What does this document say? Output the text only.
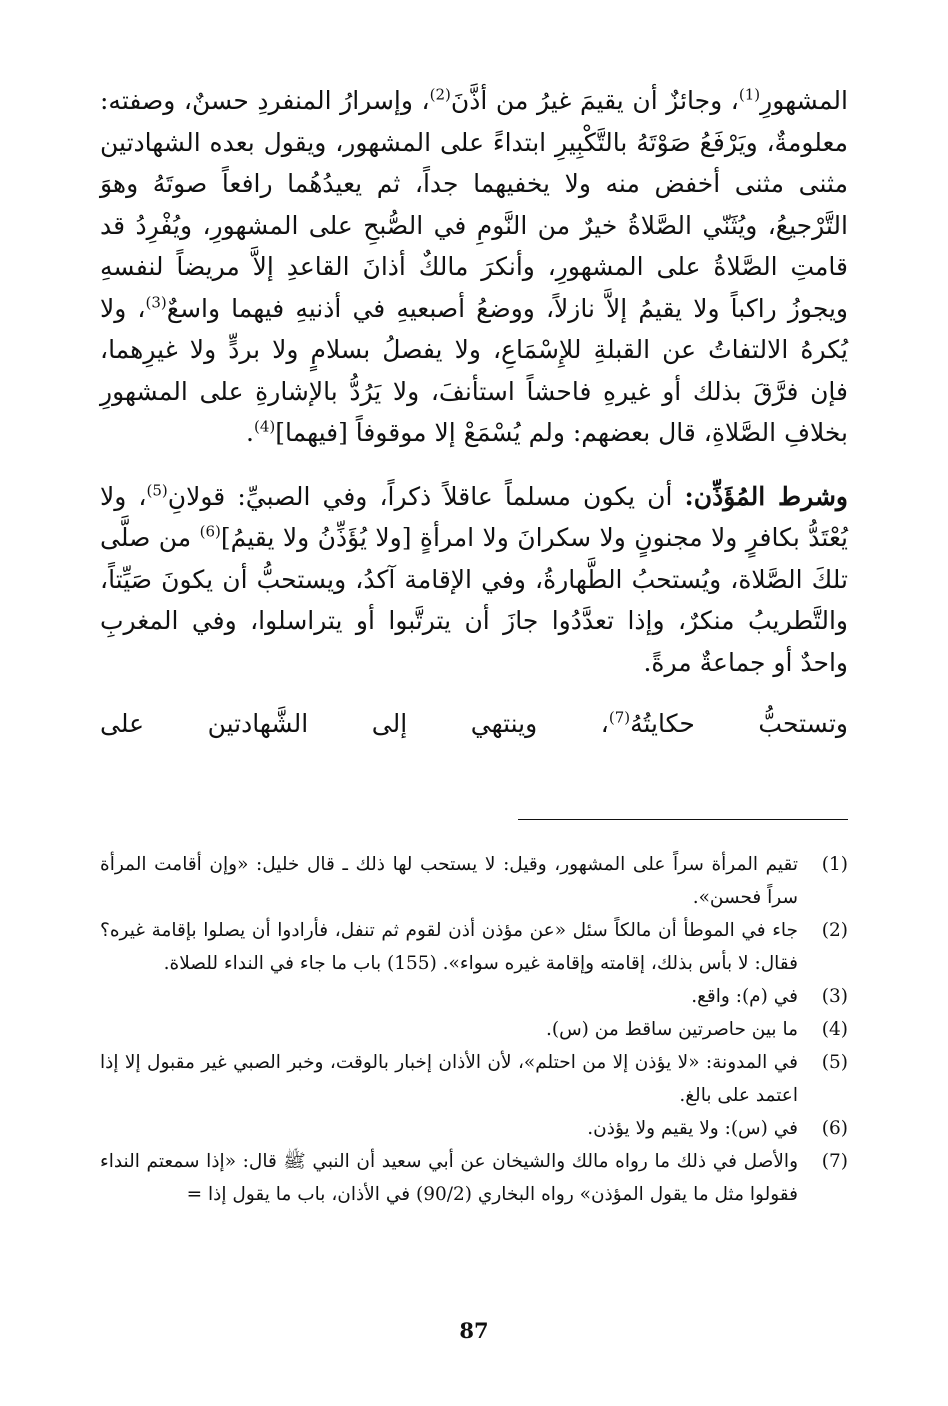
المشهورِ$^{(1)}$، وجائزٌ أن يقيمَ غيرُ من أذَّنَ$^{(2)}$، وإسرارُ المنفردِ حسنٌ، وصفته: معلومةٌ، ويَرْفَعُ صَوْتَهُ بالتَّكْبِيرِ ابتداءً على المشهور، ويقول بعده الشهادتين مثنى مثنى أخفض منه ولا يخفيهما جداً، ثم يعيدُهُما رافعاً صوتَهُ وهوَ التَّرْجيعُ، ويُثَنّي الصَّلاةُ خيرٌ من النَّومِ في الصُّبحِ على المشهورِ، ويُفْرِدُ قد قامتِ الصَّلاةُ على المشهورِ، وأنكرَ مالكٌ أذانَ القاعدِ إلاَّ مريضاً لنفسهِ ويجوزُ راكباً ولا يقيمُ إلاَّ نازلاً، ووضعُ أصبعيهِ في أذنيهِ فيهما واسعٌ$^{(3)}$، ولا يُكرهُ الالتفاتُ عن القبلةِ للإِسْمَاعِ، ولا يفصلُ بسلامٍ ولا بردٍّ ولا غيرِهما، فإن فرَّقَ بذلك أو غيرهِ فاحشاً استأنفَ، ولا يَرُدُّ بالإشارةِ على المشهورِ بخلافِ الصَّلاةِ، قال بعضهم: ولم يُسْمَعْ إلا موقوفاً [فيهما]$^{(4)}$.

وشرط المُؤَذِّن: أن يكون مسلماً عاقلاً ذكراً، وفي الصبيِّ: قولانِ$^{(5)}$، ولا يُعْتَدُّ بكافرٍ ولا مجنونٍ ولا سكرانَ ولا امرأةٍ [ولا يُؤَذِّنُ ولا يقيمُ]$^{(6)}$ من صلَّى تلكَ الصَّلاة، ويُستحبُ الطَّهارةُ، وفي الإقامة آكدُ، ويستحبُّ أن يكونَ صَيِّتاً، والتَّطريبُ منكرٌ، وإذا تعدَّدُوا جازَ أن يترتَّبوا أو يتراسلوا، وفي المغربِ واحدٌ أو جماعةٌ مرةً.

وتستحبُّ حكايتُهُ$^{(7)}$، وينتهي إلى الشَّهادتين على

(1)
تقيم المرأة سراً على المشهور، وقيل: لا يستحب لها ذلك ـ قال خليل: «وإن أقامت المرأة سراً فحسن».
(2)
جاء في الموطأ أن مالكاً سئل «عن مؤذن أذن لقوم ثم تنفل، فأرادوا أن يصلوا بإقامة غيره؟ فقال: لا بأس بذلك، إقامته وإقامة غيره سواء». (155) باب ما جاء في النداء للصلاة.
(3)
في (م): واقع.
(4)
ما بين حاصرتين ساقط من (س).
(5)
في المدونة: «لا يؤذن إلا من احتلم»، لأن الأذان إخبار بالوقت، وخبر الصبي غير مقبول إلا إذا اعتمد على بالغ.
(6)
في (س): ولا يقيم ولا يؤذن.
(7)
والأصل في ذلك ما رواه مالك والشيخان عن أبي سعيد أن النبي ﷺ قال: «إذا سمعتم النداء فقولوا مثل ما يقول المؤذن» رواه البخاري (90/2) في الأذان، باب ما يقول إذا =
87
